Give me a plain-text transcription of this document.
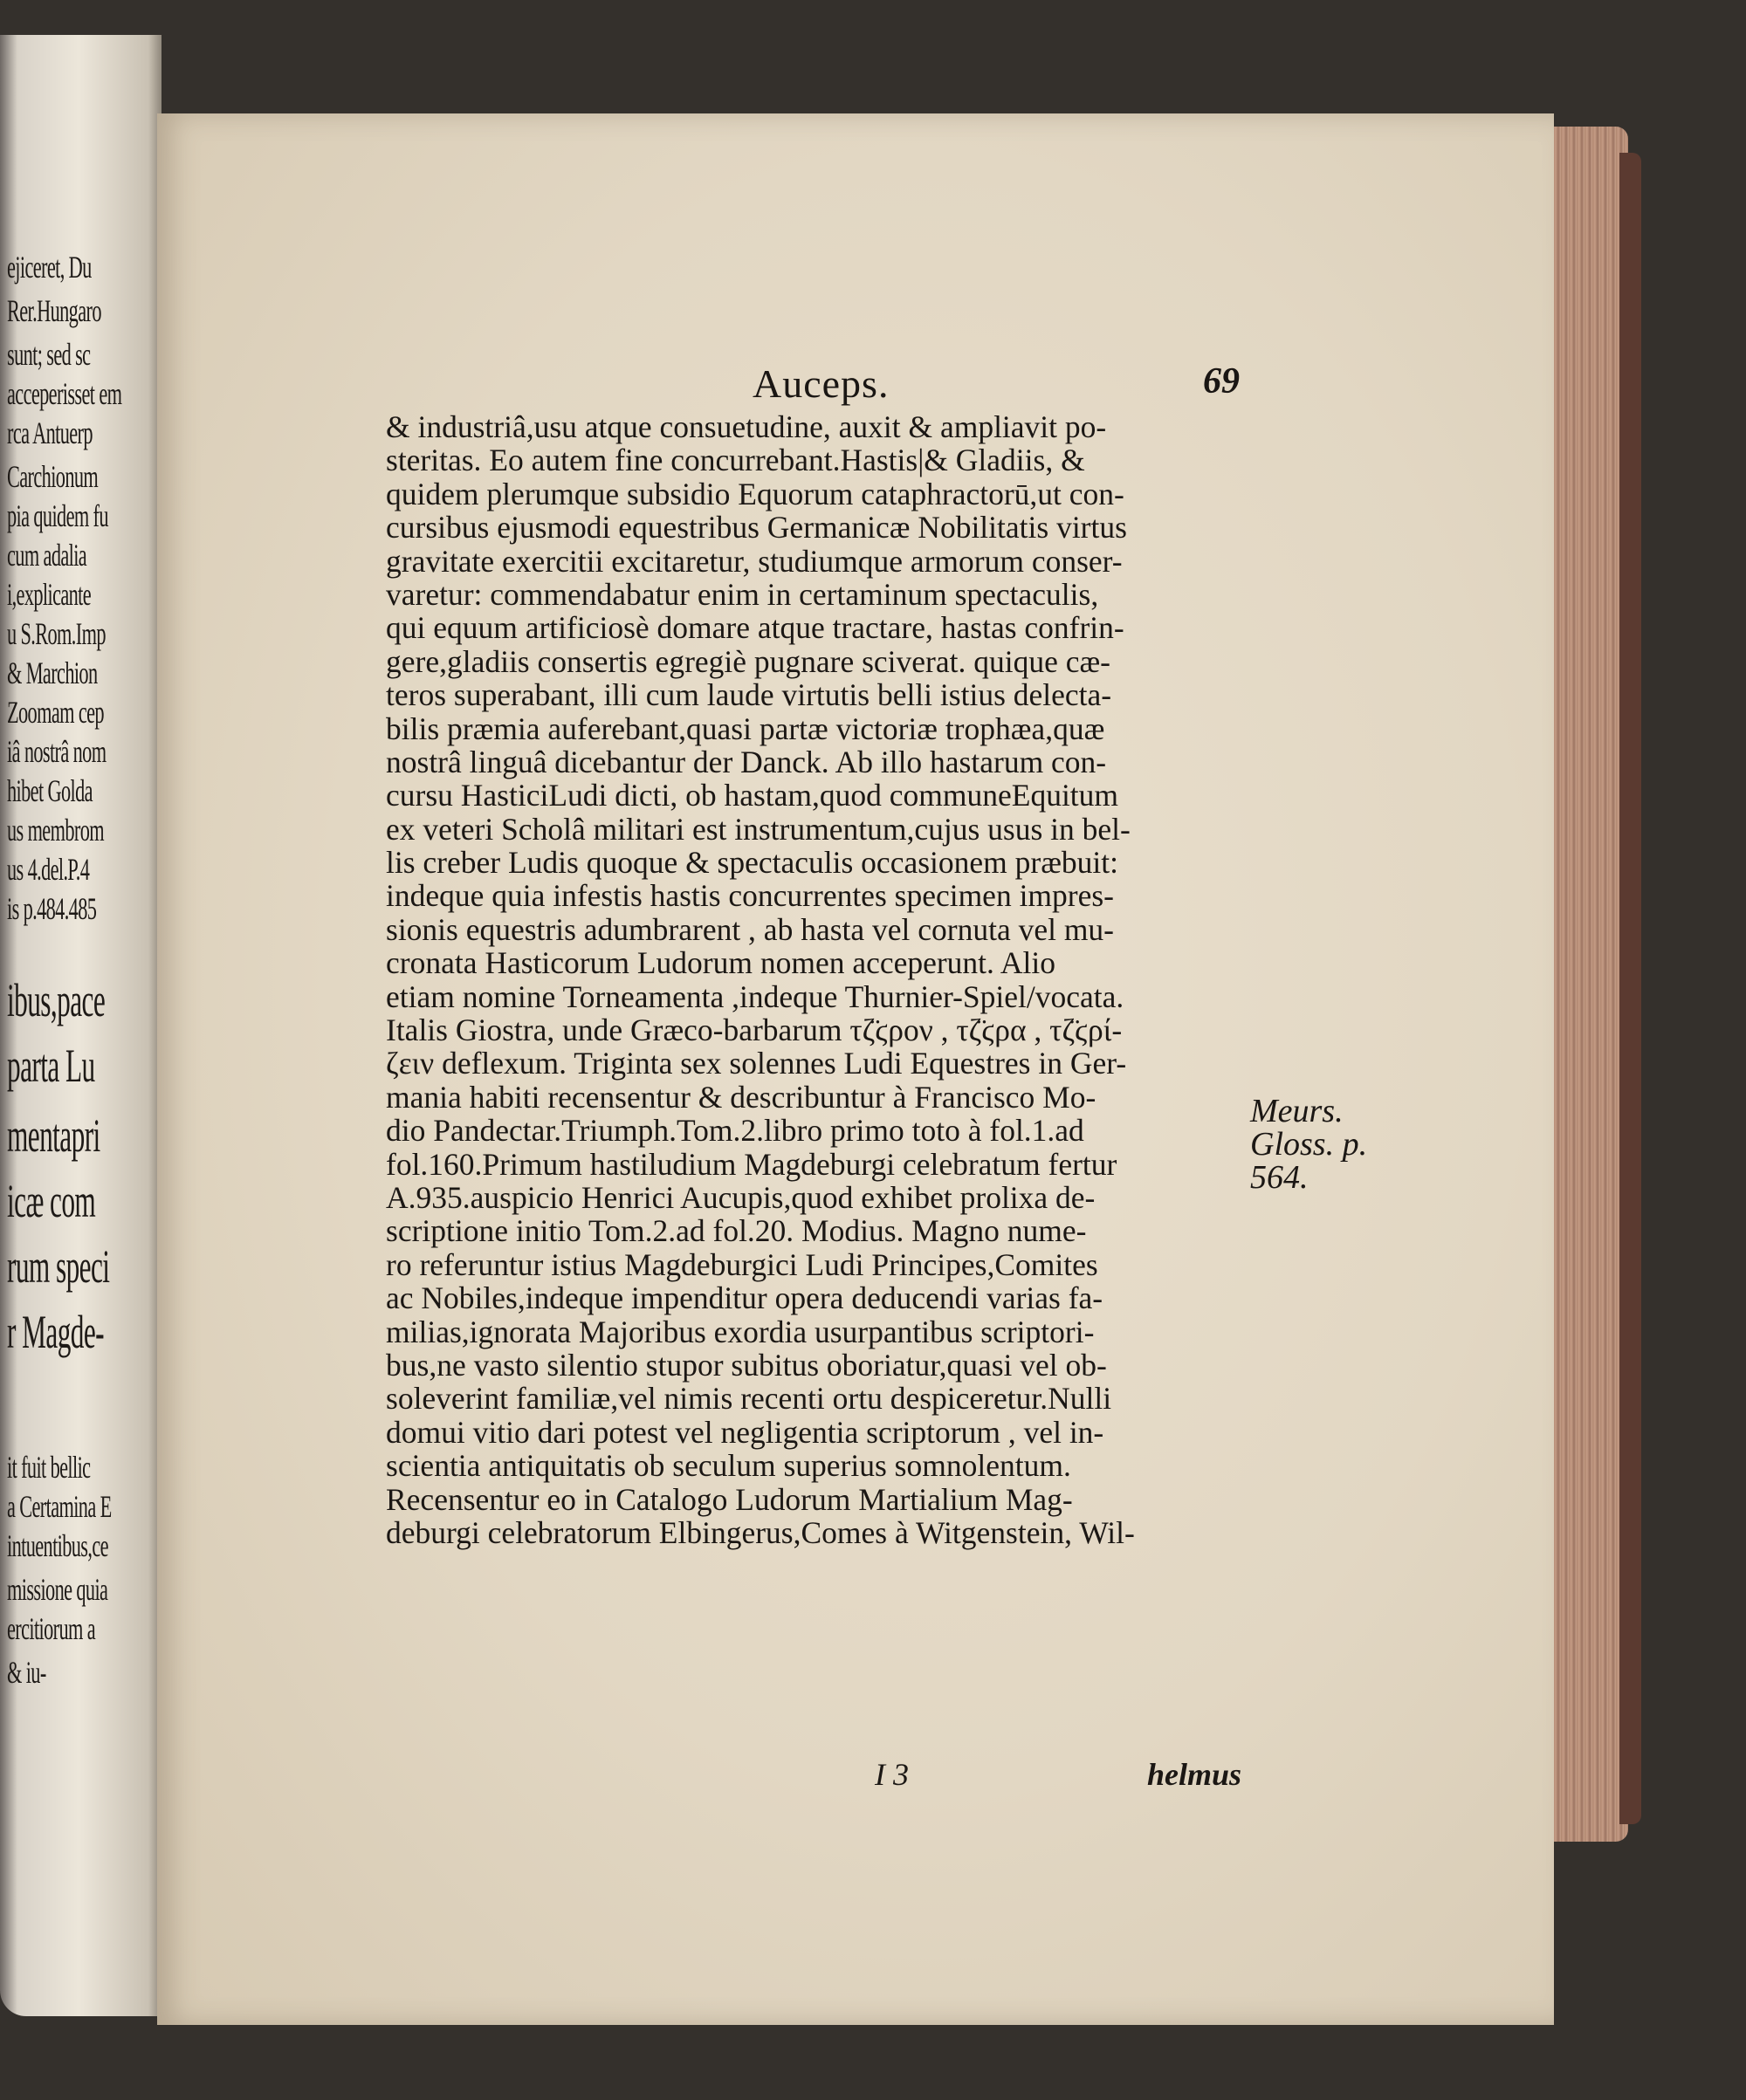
ejiceret, Du
Rer.Hungaro
sunt; sed sc
acceperisset em
rca Antuerp
Carchionum
pia quidem fu
cum adalia
i,explicante
u S.Rom.Imp
& Marchion
Zoomam cep
iâ nostrâ nom
hibet Golda
us membrom
us 4.del.P.4
is p.484.485
ibus,pace
parta Lu
mentapri
icæ com
rum speci
r Magde-
it fuit bellic
a Certamina E
intuentibus,ce
missione quia
ercitiorum a
& iu-
Auceps.	69
& industriâ,usu atque consuetudine, auxit & ampliavit po-
steritas. Eo autem fine concurrebant.Hastis|& Gladiis, &
quidem plerumque subsidio Equorum cataphractorū,ut con-
cursibus ejusmodi equestribus Germanicæ Nobilitatis virtus
gravitate exercitii excitaretur, studiumque armorum conser-
varetur: commendabatur enim in certaminum spectaculis,
qui equum artificiosè domare atque tractare, hastas confrin-
gere,gladiis consertis egregiè pugnare sciverat. quique cæ-
teros superabant, illi cum laude virtutis belli istius delecta-
bilis præmia auferebant,quasi partæ victoriæ trophæa,quæ
nostrâ linguâ dicebantur der Danck. Ab illo hastarum con-
cursu HasticiLudi dicti, ob hastam,quod communeEquitum
ex veteri Scholâ militari est instrumentum,cujus usus in bel-
lis creber Ludis quoque & spectaculis occasionem præbuit:
indeque quia infestis hastis concurrentes specimen impres-
sionis equestris adumbrarent , ab hasta vel cornuta vel mu-
cronata Hasticorum Ludorum nomen acceperunt. Alio
etiam nomine Torneamenta ,indeque Thurnier-Spiel/vocata.
Italis Giostra, unde Græco-barbarum τζ̈ϛρον , τζ̈ϛρα , τζ̈ϛρί-
ζειν deflexum. Triginta sex solennes Ludi Equestres in Ger-
mania habiti recensentur & describuntur à Francisco Mo-
dio Pandectar.Triumph.Tom.2.libro primo toto à fol.1.ad
fol.160.Primum hastiludium Magdeburgi celebratum fertur
A.935.auspicio Henrici Aucupis,quod exhibet prolixa de-
scriptione initio Tom.2.ad fol.20. Modius. Magno nume-
ro referuntur istius Magdeburgici Ludi Principes,Comites
ac Nobiles,indeque impenditur opera deducendi varias fa-
milias,ignorata Majoribus exordia usurpantibus scriptori-
bus,ne vasto silentio stupor subitus oboriatur,quasi vel ob-
soleverint familiæ,vel nimis recenti ortu despiceretur.Nulli
domui vitio dari potest vel negligentia scriptorum , vel in-
scientia antiquitatis ob seculum superius somnolentum.
Recensentur eo in Catalogo Ludorum Martialium Mag-
deburgi celebratorum Elbingerus,Comes à Witgenstein, Wil-
Meurs.
Gloss. p.
564.
I 3	helmus
